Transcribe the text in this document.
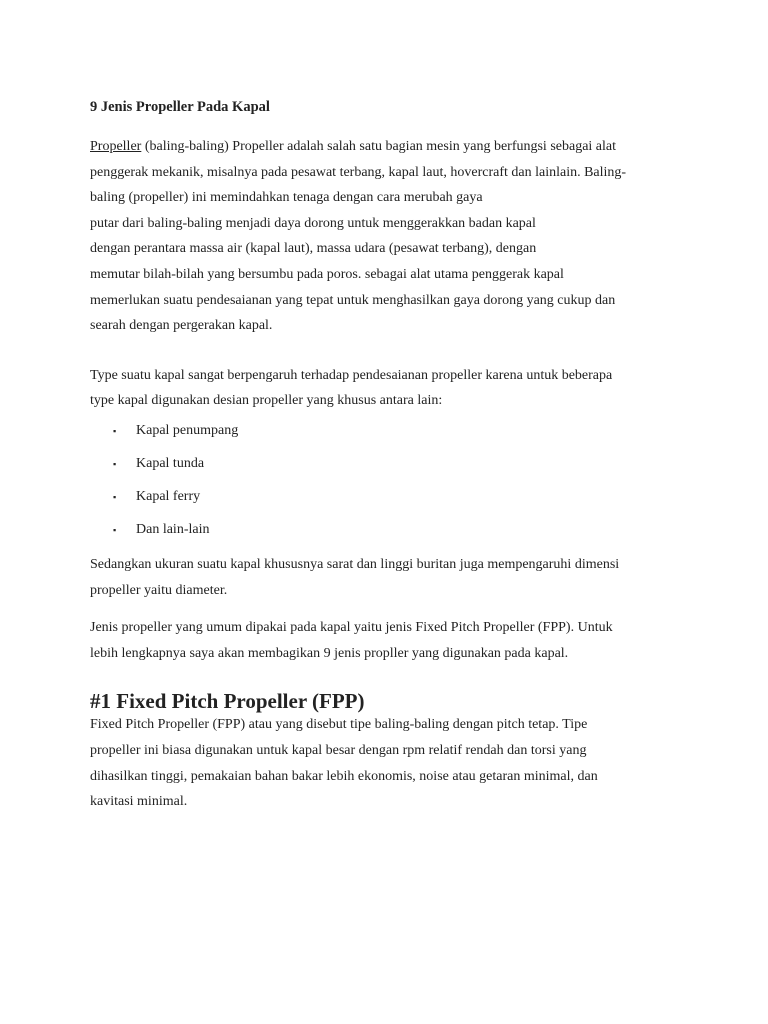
9 Jenis Propeller Pada Kapal

Propeller (baling-baling) Propeller adalah salah satu bagian mesin yang berfungsi sebagai alat
penggerak mekanik, misalnya pada pesawat terbang, kapal laut, hovercraft dan lainlain. Baling-
baling (propeller) ini memindahkan tenaga dengan cara merubah gaya
putar dari baling-baling menjadi daya dorong untuk menggerakkan badan kapal
dengan perantara massa air (kapal laut), massa udara (pesawat terbang), dengan
memutar bilah-bilah yang bersumbu pada poros. sebagai alat utama penggerak kapal
memerlukan suatu pendesaianan yang tepat untuk menghasilkan gaya dorong yang cukup dan
searah dengan pergerakan kapal.

Type suatu kapal sangat berpengaruh terhadap pendesaianan propeller karena untuk beberapa
type kapal digunakan desian propeller yang khusus antara lain:

▪ Kapal penumpang
▪ Kapal tunda
▪ Kapal ferry
▪ Dan lain-lain

Sedangkan ukuran suatu kapal khususnya sarat dan linggi buritan juga mempengaruhi dimensi
propeller yaitu diameter.

Jenis propeller yang umum dipakai pada kapal yaitu jenis Fixed Pitch Propeller (FPP). Untuk
lebih lengkapnya saya akan membagikan 9 jenis propller yang digunakan pada kapal.

#1 Fixed Pitch Propeller (FPP)

Fixed Pitch Propeller (FPP) atau yang disebut tipe baling-baling dengan pitch tetap. Tipe
propeller ini biasa digunakan untuk kapal besar dengan rpm relatif rendah dan torsi yang
dihasilkan tinggi, pemakaian bahan bakar lebih ekonomis, noise atau getaran minimal, dan
kavitasi minimal.
